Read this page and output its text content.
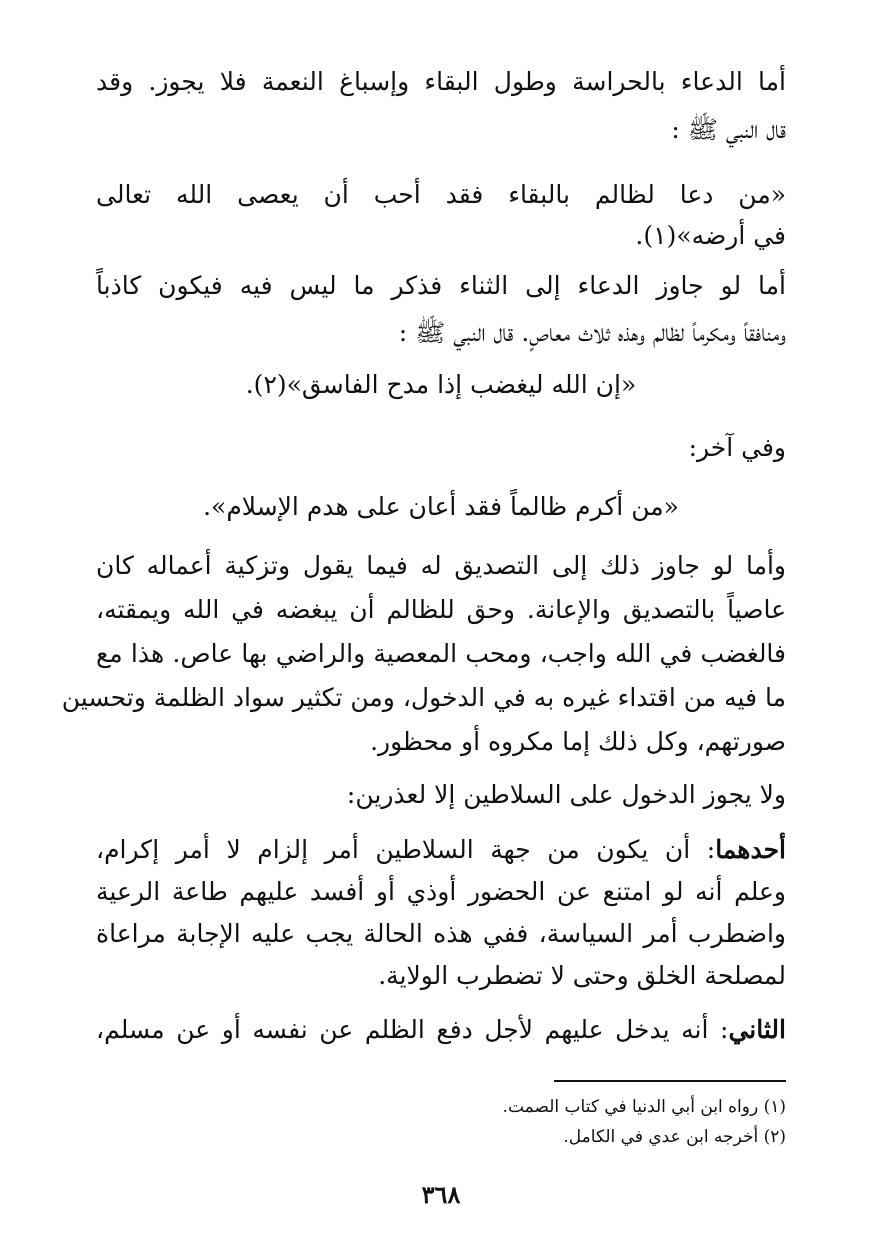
أما الدعاء بالحراسة وطول البقاء وإسباغ النعمة فلا يجوز. وقد
قال النبي ﷺ :
«من دعا لظالم بالبقاء فقد أحب أن يعصى الله تعالى
في أرضه»(١).
أما لو جاوز الدعاء إلى الثناء فذكر ما ليس فيه فيكون كاذباً
ومنافقاً ومكرماً لظالم وهذه ثلاث معاصٍ. قال النبي ﷺ :
«إن الله ليغضب إذا مدح الفاسق»(٢).
وفي آخر:
«من أكرم ظالماً فقد أعان على هدم الإسلام».
وأما لو جاوز ذلك إلى التصديق له فيما يقول وتزكية أعماله كان
عاصياً بالتصديق والإعانة. وحق للظالم أن يبغضه في الله ويمقته،
فالغضب في الله واجب، ومحب المعصية والراضي بها عاص. هذا مع
ما فيه من اقتداء غيره به في الدخول، ومن تكثير سواد الظلمة وتحسين
صورتهم، وكل ذلك إما مكروه أو محظور.
ولا يجوز الدخول على السلاطين إلا لعذرين:
أحدهما: أن يكون من جهة السلاطين أمر إلزام لا أمر إكرام،
وعلم أنه لو امتنع عن الحضور أوذي أو أفسد عليهم طاعة الرعية
واضطرب أمر السياسة، ففي هذه الحالة يجب عليه الإجابة مراعاة
لمصلحة الخلق وحتى لا تضطرب الولاية.
الثاني: أنه يدخل عليهم لأجل دفع الظلم عن نفسه أو عن مسلم،
(١) رواه ابن أبي الدنيا في كتاب الصمت.
(٢) أخرجه ابن عدي في الكامل.
٣٦٨
